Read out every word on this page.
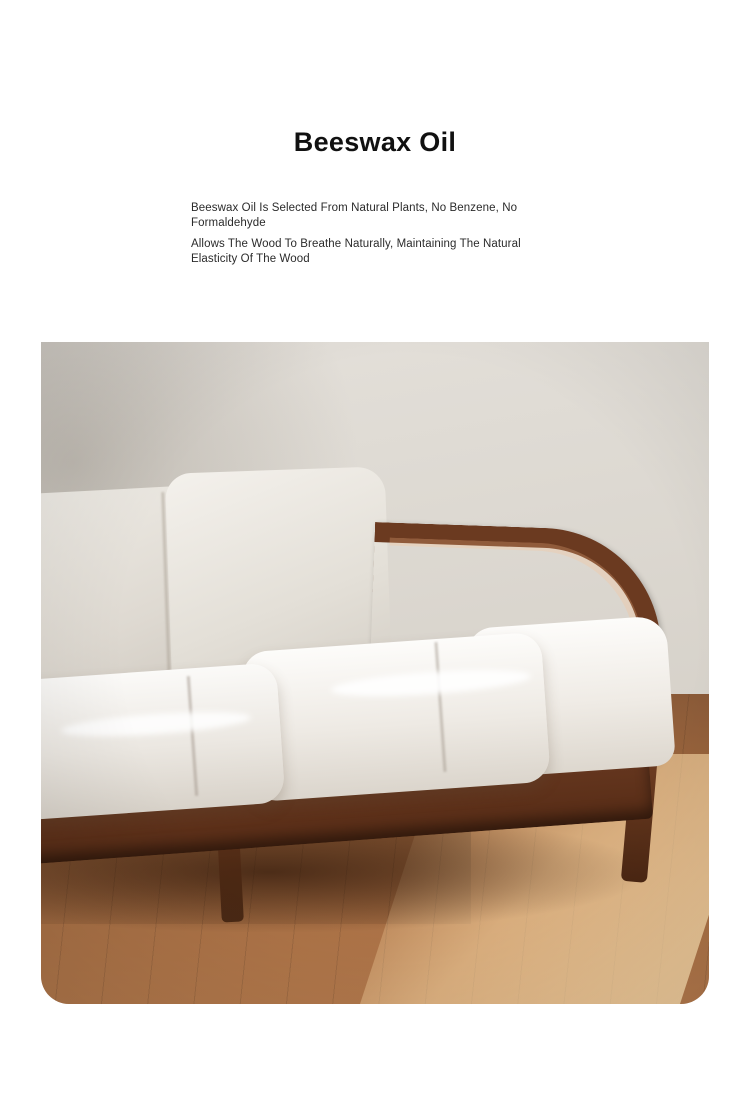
Beeswax Oil
Beeswax Oil Is Selected From Natural Plants, No Benzene, No Formaldehyde
Allows The Wood To Breathe Naturally, Maintaining The Natural Elasticity Of The Wood
